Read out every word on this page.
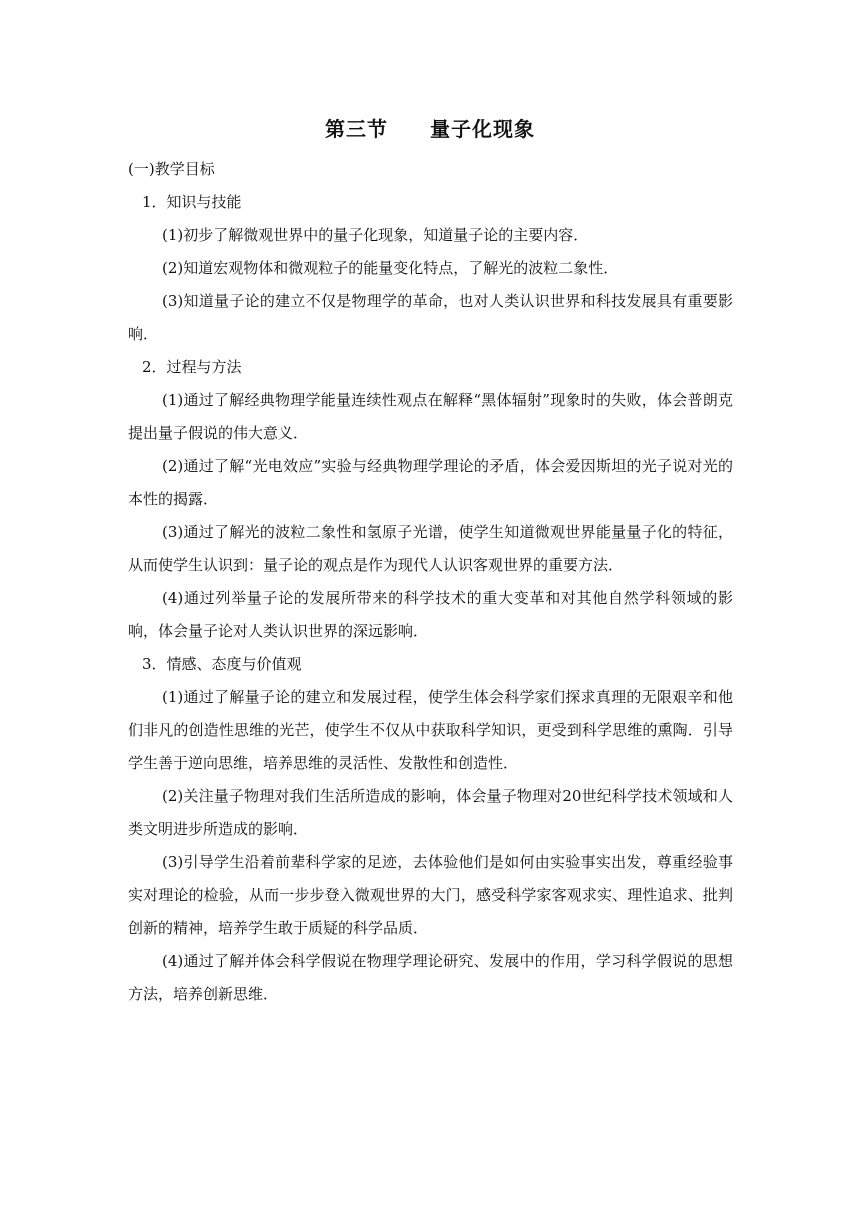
第三节　　量子化现象

(一)教学目标

1．知识与技能

(1)初步了解微观世界中的量子化现象，知道量子论的主要内容．

(2)知道宏观物体和微观粒子的能量变化特点，了解光的波粒二象性．

(3)知道量子论的建立不仅是物理学的革命，也对人类认识世界和科技发展具有重要影响．

2．过程与方法

(1)通过了解经典物理学能量连续性观点在解释“黑体辐射”现象时的失败，体会普朗克提出量子假说的伟大意义．

(2)通过了解“光电效应”实验与经典物理学理论的矛盾，体会爱因斯坦的光子说对光的本性的揭露．

(3)通过了解光的波粒二象性和氢原子光谱，使学生知道微观世界能量量子化的特征，从而使学生认识到：量子论的观点是作为现代人认识客观世界的重要方法．

(4)通过列举量子论的发展所带来的科学技术的重大变革和对其他自然学科领域的影响，体会量子论对人类认识世界的深远影响．

3．情感、态度与价值观

(1)通过了解量子论的建立和发展过程，使学生体会科学家们探求真理的无限艰辛和他们非凡的创造性思维的光芒，使学生不仅从中获取科学知识，更受到科学思维的熏陶．引导学生善于逆向思维，培养思维的灵活性、发散性和创造性．

(2)关注量子物理对我们生活所造成的影响，体会量子物理对20世纪科学技术领域和人类文明进步所造成的影响．

(3)引导学生沿着前辈科学家的足迹，去体验他们是如何由实验事实出发，尊重经验事实对理论的检验，从而一步步登入微观世界的大门，感受科学家客观求实、理性追求、批判创新的精神，培养学生敢于质疑的科学品质．

(4)通过了解并体会科学假说在物理学理论研究、发展中的作用，学习科学假说的思想方法，培养创新思维．
